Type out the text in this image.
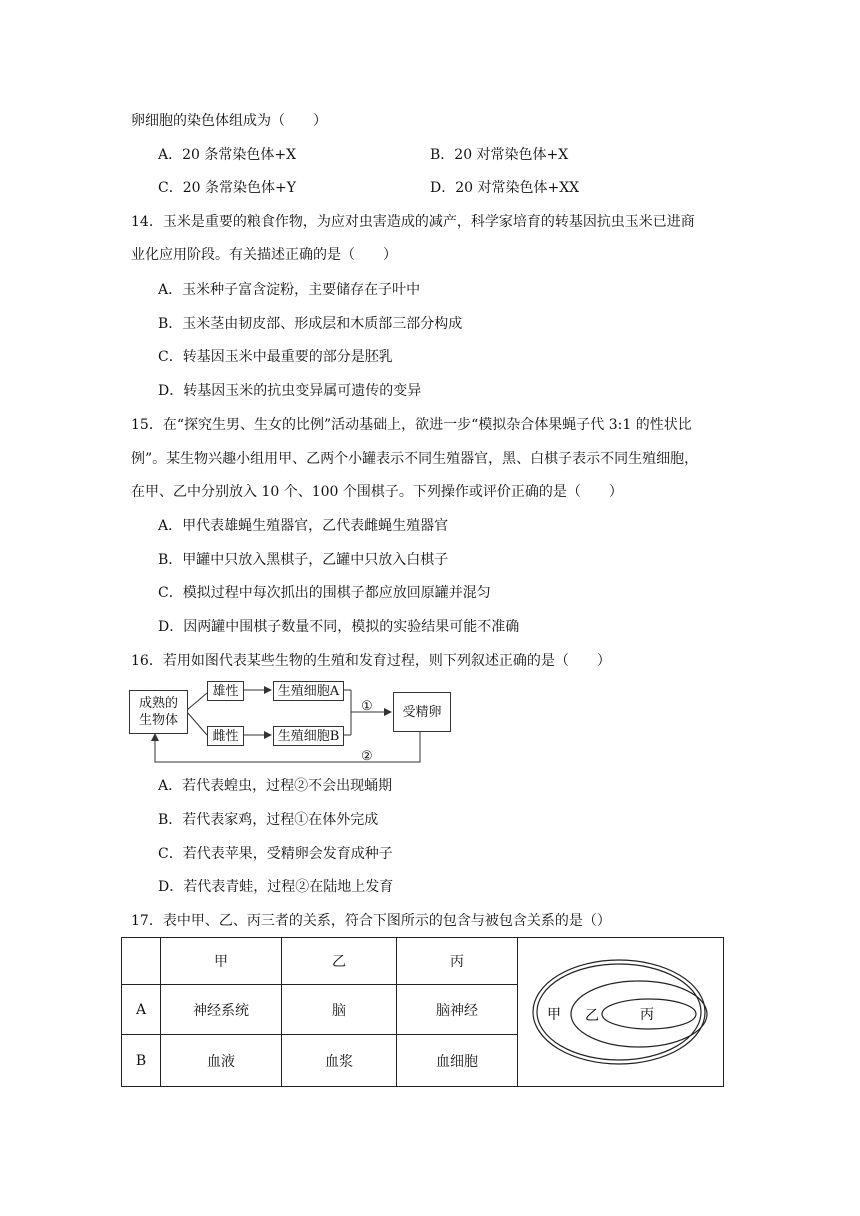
卵细胞的染色体组成为（　　）
A．20 条常染色体+X	B．20 对常染色体+X
C．20 条常染色体+Y	D．20 对常染色体+XX
14．玉米是重要的粮食作物，为应对虫害造成的减产，科学家培育的转基因抗虫玉米已进商
业化应用阶段。有关描述正确的是（　　）
A．玉米种子富含淀粉，主要储存在子叶中
B．玉米茎由韧皮部、形成层和木质部三部分构成
C．转基因玉米中最重要的部分是胚乳
D．转基因玉米的抗虫变异属可遗传的变异
15．在“探究生男、生女的比例”活动基础上，欲进一步“模拟杂合体果蝇子代 3:1 的性状比
例”。某生物兴趣小组用甲、乙两个小罐表示不同生殖器官，黑、白棋子表示不同生殖细胞，
在甲、乙中分别放入 10 个、100 个围棋子。下列操作或评价正确的是（　　）
A．甲代表雄蝇生殖器官，乙代表雌蝇生殖器官
B．甲罐中只放入黑棋子，乙罐中只放入白棋子
C．模拟过程中每次抓出的围棋子都应放回原罐并混匀
D．因两罐中围棋子数量不同，模拟的实验结果可能不准确
16．若用如图代表某些生物的生殖和发育过程，则下列叙述正确的是（　　）
成熟的
生物体
雄性
雌性
生殖细胞A
生殖细胞B
受精卵
①
②
A．若代表蝗虫，过程②不会出现蛹期
B．若代表家鸡，过程①在体外完成
C．若代表苹果，受精卵会发育成种子
D．若代表青蛙，过程②在陆地上发育
17．表中甲、乙、丙三者的关系，符合下图所示的包含与被包含关系的是（）
	甲	乙	丙	甲 乙 丙

A	神经系统	脑	脑神经	
B	血液	血浆	血细胞	
